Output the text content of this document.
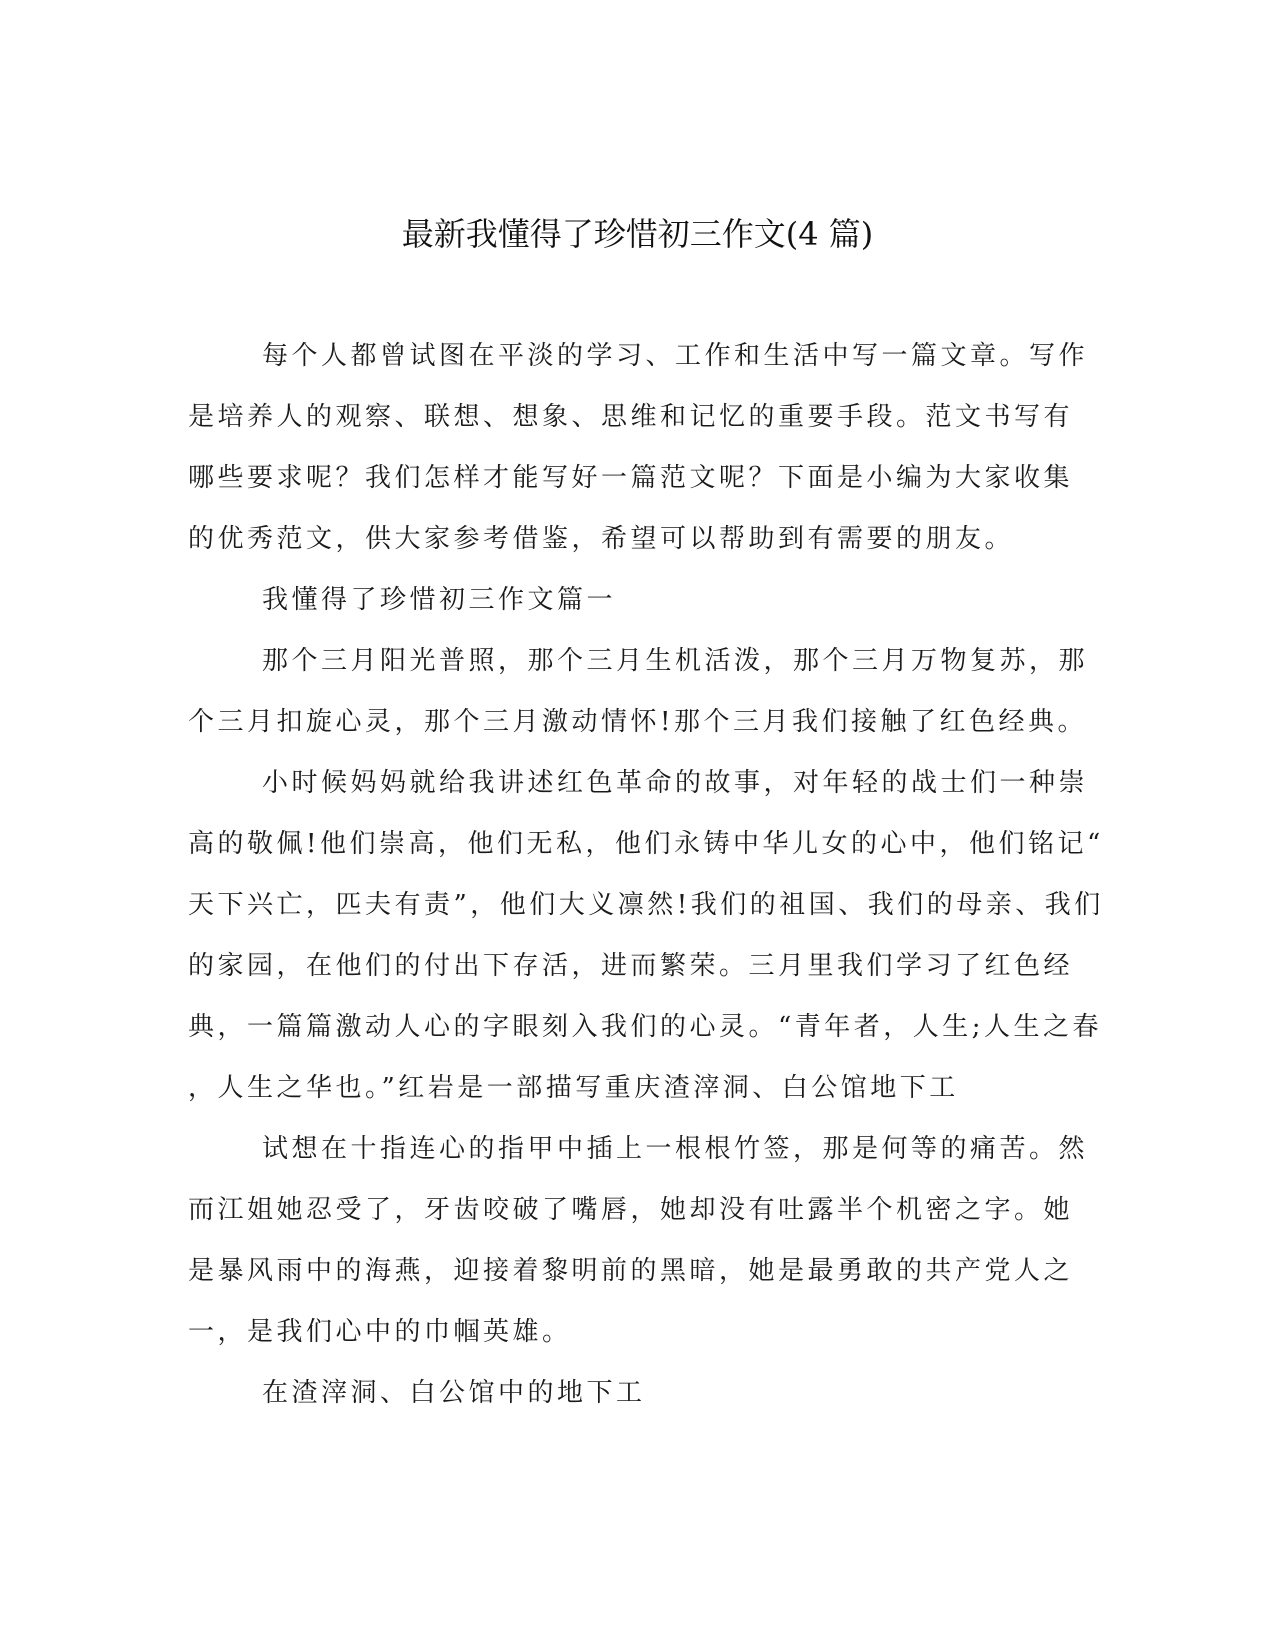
最新我懂得了珍惜初三作文(4 篇)
每个人都曾试图在平淡的学习、工作和生活中写一篇文章。写作
是培养人的观察、联想、想象、思维和记忆的重要手段。范文书写有
哪些要求呢？我们怎样才能写好一篇范文呢？下面是小编为大家收集
的优秀范文，供大家参考借鉴，希望可以帮助到有需要的朋友。
我懂得了珍惜初三作文篇一
那个三月阳光普照，那个三月生机活泼，那个三月万物复苏，那
个三月扣旋心灵，那个三月激动情怀!那个三月我们接触了红色经典。
小时候妈妈就给我讲述红色革命的故事，对年轻的战士们一种崇
高的敬佩!他们崇高，他们无私，他们永铸中华儿女的心中，他们铭记“
天下兴亡，匹夫有责”，他们大义凛然!我们的祖国、我们的母亲、我们
的家园，在他们的付出下存活，进而繁荣。三月里我们学习了红色经
典，一篇篇激动人心的字眼刻入我们的心灵。“青年者，人生;人生之春
，人生之华也。”红岩是一部描写重庆渣滓洞、白公馆地下工
试想在十指连心的指甲中插上一根根竹签，那是何等的痛苦。然
而江姐她忍受了，牙齿咬破了嘴唇，她却没有吐露半个机密之字。她
是暴风雨中的海燕，迎接着黎明前的黑暗，她是最勇敢的共产党人之
一，是我们心中的巾帼英雄。
在渣滓洞、白公馆中的地下工
